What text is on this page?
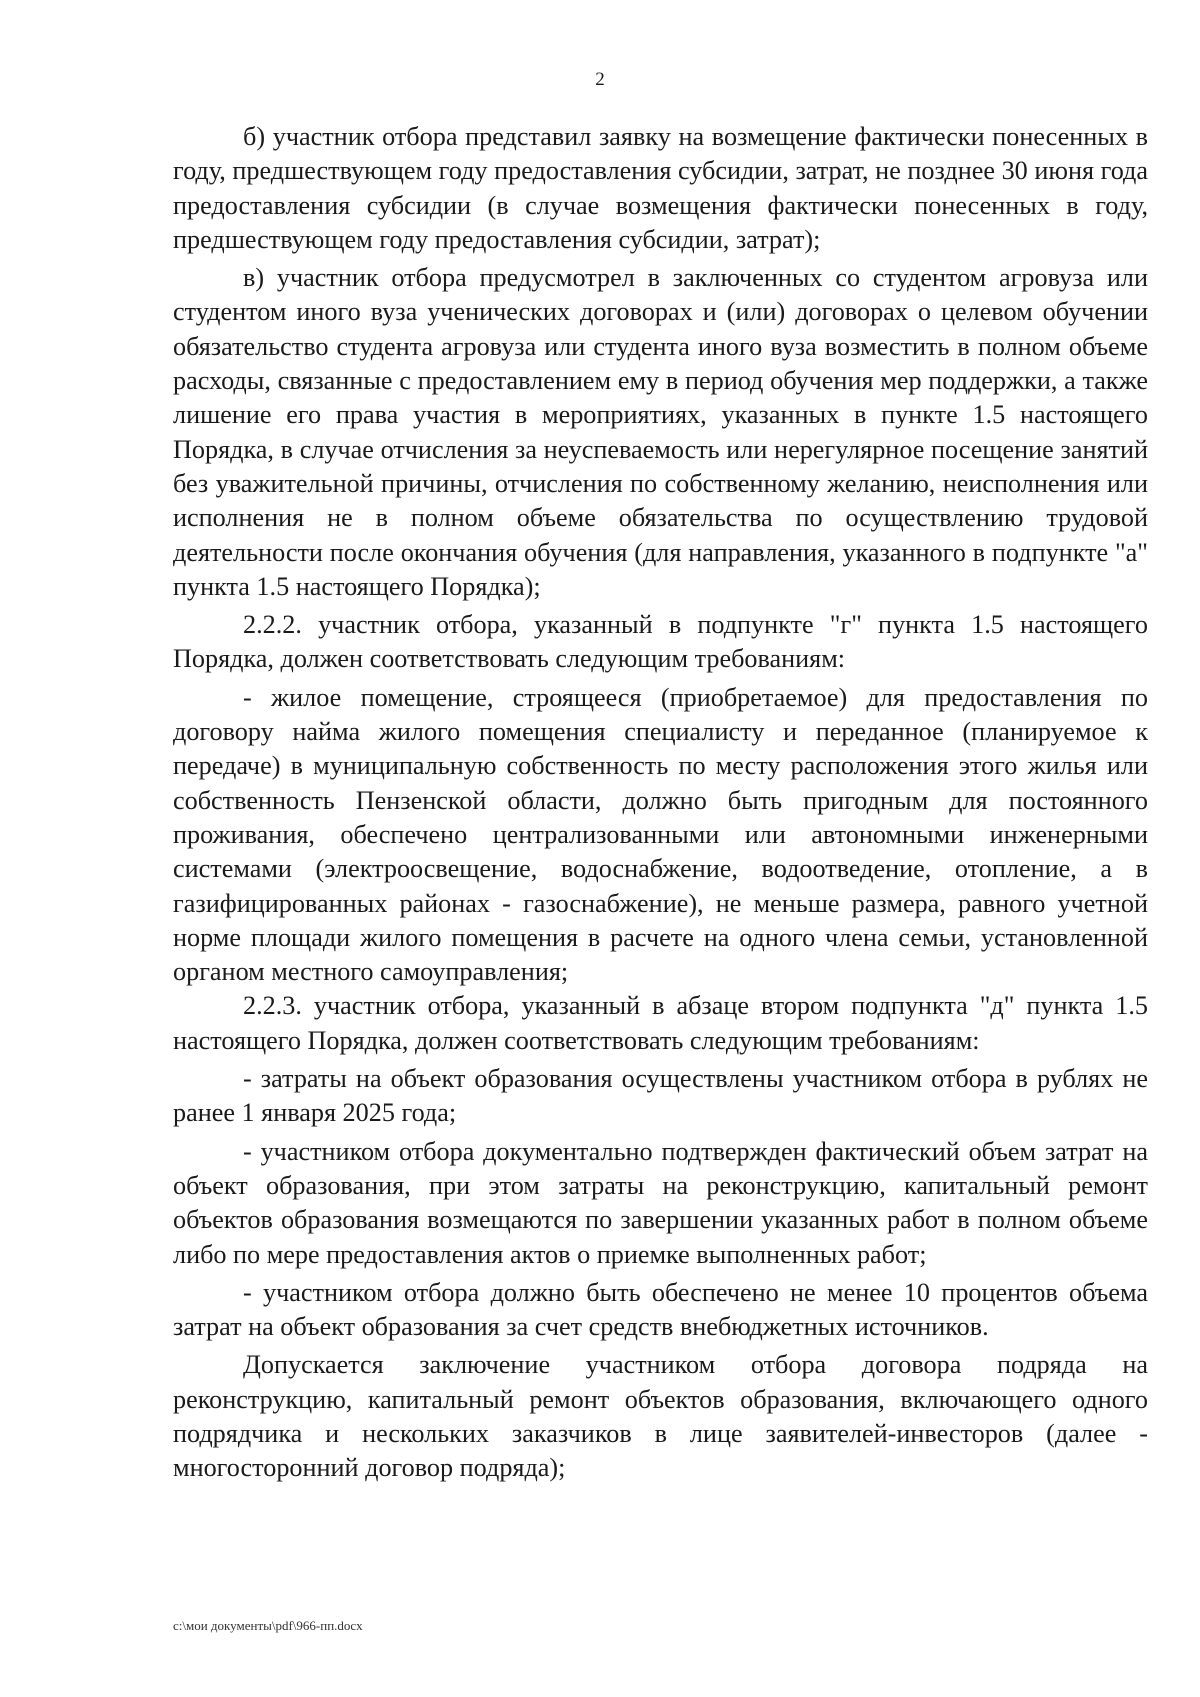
2

б) участник отбора представил заявку на возмещение фактически понесенных в году, предшествующем году предоставления субсидии, затрат, не позднее 30 июня года предоставления субсидии (в случае возмещения фактически понесенных в году, предшествующем году предоставления субсидии, затрат);

в) участник отбора предусмотрел в заключенных со студентом агровуза или студентом иного вуза ученических договорах и (или) договорах о целевом обучении обязательство студента агровуза или студента иного вуза возместить в полном объеме расходы, связанные с предоставлением ему в период обучения мер поддержки, а также лишение его права участия в мероприятиях, указанных в пункте 1.5 настоящего Порядка, в случае отчисления за неуспеваемость или нерегулярное посещение занятий без уважительной причины, отчисления по собственному желанию, неисполнения или исполнения не в полном объеме обязательства по осуществлению трудовой деятельности после окончания обучения (для направления, указанного в подпункте "а" пункта 1.5 настоящего Порядка);

2.2.2. участник отбора, указанный в подпункте "г" пункта 1.5 настоящего Порядка, должен соответствовать следующим требованиям:

- жилое помещение, строящееся (приобретаемое) для предоставления по договору найма жилого помещения специалисту и переданное (планируемое к передаче) в муниципальную собственность по месту расположения этого жилья или собственность Пензенской области, должно быть пригодным для постоянного проживания, обеспечено централизованными или автономными инженерными системами (электроосвещение, водоснабжение, водоотведение, отопление, а в газифицированных районах - газоснабжение), не меньше размера, равного учетной норме площади жилого помещения в расчете на одного члена семьи, установленной органом местного самоуправления;

2.2.3. участник отбора, указанный в абзаце втором подпункта "д" пункта 1.5 настоящего Порядка, должен соответствовать следующим требованиям:

- затраты на объект образования осуществлены участником отбора в рублях не ранее 1 января 2025 года;

- участником отбора документально подтвержден фактический объем затрат на объект образования, при этом затраты на реконструкцию, капитальный ремонт объектов образования возмещаются по завершении указанных работ в полном объеме либо по мере предоставления актов о приемке выполненных работ;

- участником отбора должно быть обеспечено не менее 10 процентов объема затрат на объект образования за счет средств внебюджетных источников.

Допускается заключение участником отбора договора подряда на реконструкцию, капитальный ремонт объектов образования, включающего одного подрядчика и нескольких заказчиков в лице заявителей-инвесторов (далее - многосторонний договор подряда);

c:\мои документы\pdf\966-пп.docx
